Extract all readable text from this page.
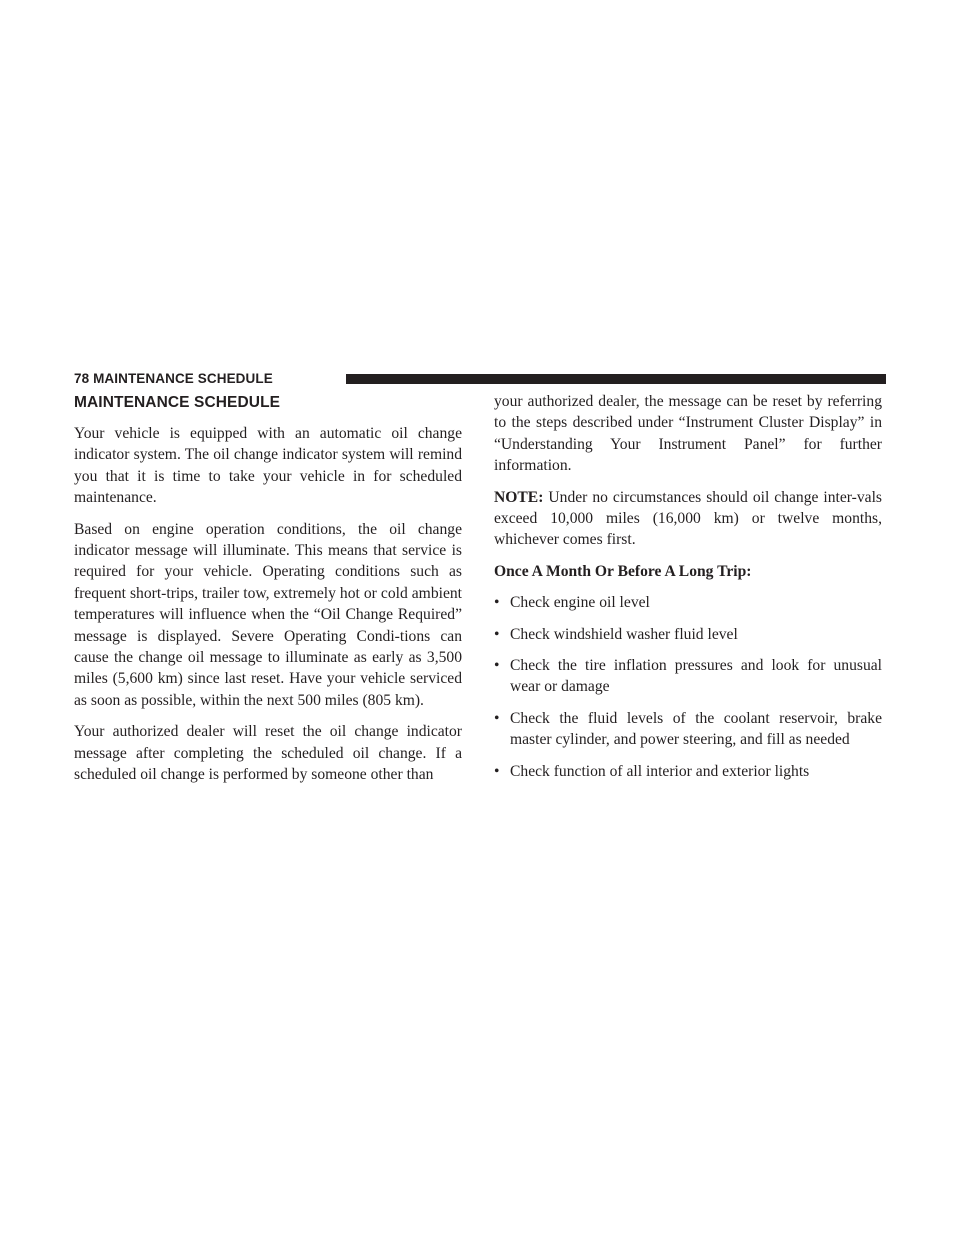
78 MAINTENANCE SCHEDULE
MAINTENANCE SCHEDULE

Your vehicle is equipped with an automatic oil change indicator system. The oil change indicator system will remind you that it is time to take your vehicle in for scheduled maintenance.

Based on engine operation conditions, the oil change indicator message will illuminate. This means that service is required for your vehicle. Operating conditions such as frequent short-trips, trailer tow, extremely hot or cold ambient temperatures will influence when the “Oil Change Required” message is displayed. Severe Operating Condi-tions can cause the change oil message to illuminate as early as 3,500 miles (5,600 km) since last reset. Have your vehicle serviced as soon as possible, within the next 500 miles (805 km).

Your authorized dealer will reset the oil change indicator message after completing the scheduled oil change. If a scheduled oil change is performed by someone other than

your authorized dealer, the message can be reset by referring to the steps described under “Instrument Cluster Display” in “Understanding Your Instrument Panel” for further information.

NOTE: Under no circumstances should oil change inter-vals exceed 10,000 miles (16,000 km) or twelve months, whichever comes first.

Once A Month Or Before A Long Trip:

• Check engine oil level
• Check windshield washer fluid level
• Check the tire inflation pressures and look for unusual wear or damage
• Check the fluid levels of the coolant reservoir, brake master cylinder, and power steering, and fill as needed
• Check function of all interior and exterior lights
